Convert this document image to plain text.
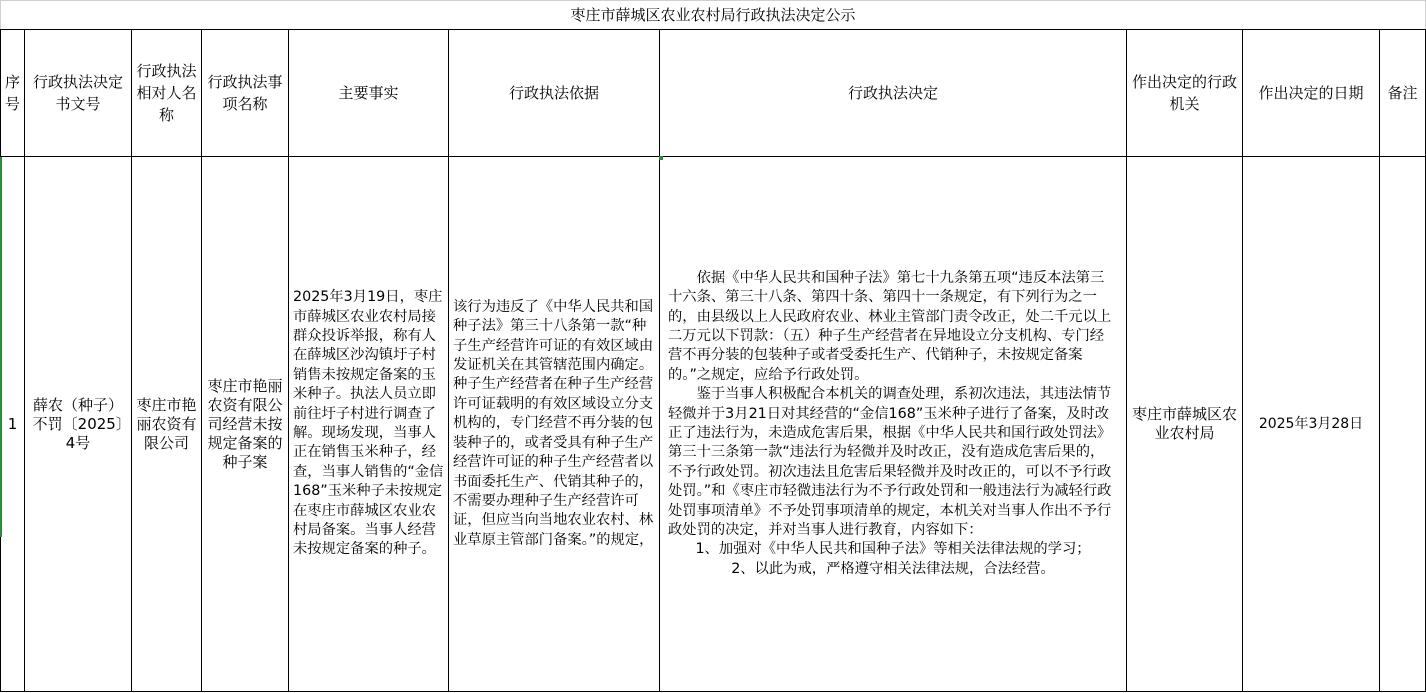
枣庄市薛城区农业农村局行政执法决定公示									
序号	行政执法决定书文号	行政执法相对人名称	行政执法事项名称	主要事实	行政执法依据	行政执法决定	作出决定的行政机关	作出决定的日期	备注
1	薛农（种子）不罚〔2025〕4号	枣庄市艳丽农资有限公司	枣庄市艳丽农资有限公司经营未按规定备案的种子案	2025年3月19日，枣庄市薛城区农业农村局接群众投诉举报，称有人在薛城区沙沟镇圩子村销售未按规定备案的玉米种子。执法人员立即前往圩子村进行调查了解。现场发现，当事人正在销售玉米种子，经查，当事人销售的“金信168”玉米种子未按规定在枣庄市薛城区农业农村局备案。当事人经营未按规定备案的种子。	该行为违反了《中华人民共和国种子法》第三十八条第一款“种子生产经营许可证的有效区域由发证机关在其管辖范围内确定。种子生产经营者在种子生产经营许可证载明的有效区域设立分支机构的，专门经营不再分装的包装种子的，或者受具有种子生产经营许可证的种子生产经营者以书面委托生产、代销其种子的，不需要办理种子生产经营许可证，但应当向当地农业农村、林业草原主管部门备案。”的规定，	依据《中华人民共和国种子法》第七十九条第五项“违反本法第三十六条、第三十八条、第四十条、第四十一条规定，有下列行为之一的，由县级以上人民政府农业、林业主管部门责令改正，处二千元以上二万元以下罚款：（五）种子生产经营者在异地设立分支机构、专门经营不再分装的包装种子或者受委托生产、代销种子，未按规定备案的。”之规定，应给予行政处罚。

鉴于当事人积极配合本机关的调查处理，系初次违法，其违法情节轻微并于3月21日对其经营的“金信168”玉米种子进行了备案，及时改正了违法行为，未造成危害后果，根据《中华人民共和国行政处罚法》第三十三条第一款“违法行为轻微并及时改正，没有造成危害后果的，不予行政处罚。初次违法且危害后果轻微并及时改正的，可以不予行政处罚。”和《枣庄市轻微违法行为不予行政处罚和一般违法行为减轻行政处罚事项清单》不予处罚事项清单的规定，本机关对当事人作出不予行政处罚的决定，并对当事人进行教育，内容如下：

1、加强对《中华人民共和国种子法》等相关法律法规的学习；

2、以此为戒，严格遵守相关法律法规，合法经营。	枣庄市薛城区农业农村局	2025年3月28日	
